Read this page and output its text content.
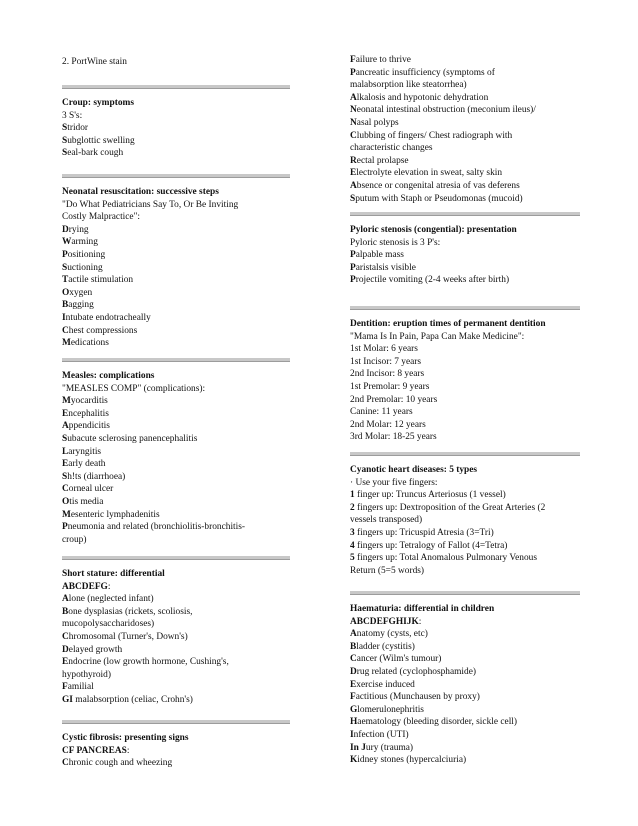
2. PortWine stain
Croup: symptoms
3 S's:
Stridor
Subglottic swelling
Seal-bark cough
Neonatal resuscitation: successive steps
"Do What Pediatricians Say To, Or Be Inviting
Costly Malpractice":
Drying
Warming
Positioning
Suctioning
Tactile stimulation
Oxygen
Bagging
Intubate endotracheally
Chest compressions
Medications
Measles: complications
"MEASLES COMP" (complications):
Myocarditis
Encephalitis
Appendicitis
Subacute sclerosing panencephalitis
Laryngitis
Early death
Sh!ts (diarrhoea)
Corneal ulcer
Otis media
Mesenteric lymphadenitis
Pneumonia and related (bronchiolitis-bronchitis-
croup)
Short stature: differential
ABCDEFG:
Alone (neglected infant)
Bone dysplasias (rickets, scoliosis,
mucopolysaccharidoses)
Chromosomal (Turner's, Down's)
Delayed growth
Endocrine (low growth hormone, Cushing's,
hypothyroid)
Familial
GI malabsorption (celiac, Crohn's)
Cystic fibrosis: presenting signs
CF PANCREAS:
Chronic cough and wheezing
Failure to thrive
Pancreatic insufficiency (symptoms of
malabsorption like steatorrhea)
Alkalosis and hypotonic dehydration
Neonatal intestinal obstruction (meconium ileus)/
Nasal polyps
Clubbing of fingers/ Chest radiograph with
characteristic changes
Rectal prolapse
Electrolyte elevation in sweat, salty skin
Absence or congenital atresia of vas deferens
Sputum with Staph or Pseudomonas (mucoid)
Pyloric stenosis (congential): presentation
Pyloric stenosis is 3 P's:
Palpable mass
Paristalsis visible
Projectile vomiting (2-4 weeks after birth)
Dentition: eruption times of permanent dentition
"Mama Is In Pain, Papa Can Make Medicine":
1st Molar: 6 years
1st Incisor: 7 years
2nd Incisor: 8 years
1st Premolar: 9 years
2nd Premolar: 10 years
Canine: 11 years
2nd Molar: 12 years
3rd Molar: 18-25 years
Cyanotic heart diseases: 5 types
· Use your five fingers:
1 finger up: Truncus Arteriosus (1 vessel)
2 fingers up: Dextroposition of the Great Arteries (2
vessels transposed)
3 fingers up: Tricuspid Atresia (3=Tri)
4 fingers up: Tetralogy of Fallot (4=Tetra)
5 fingers up: Total Anomalous Pulmonary Venous
Return (5=5 words)
Haematuria: differential in children
ABCDEFGHIJK:
Anatomy (cysts, etc)
Bladder (cystitis)
Cancer (Wilm's tumour)
Drug related (cyclophosphamide)
Exercise induced
Factitious (Munchausen by proxy)
Glomerulonephritis
Haematology (bleeding disorder, sickle cell)
Infection (UTI)
In Jury (trauma)
Kidney stones (hypercalciuria)
